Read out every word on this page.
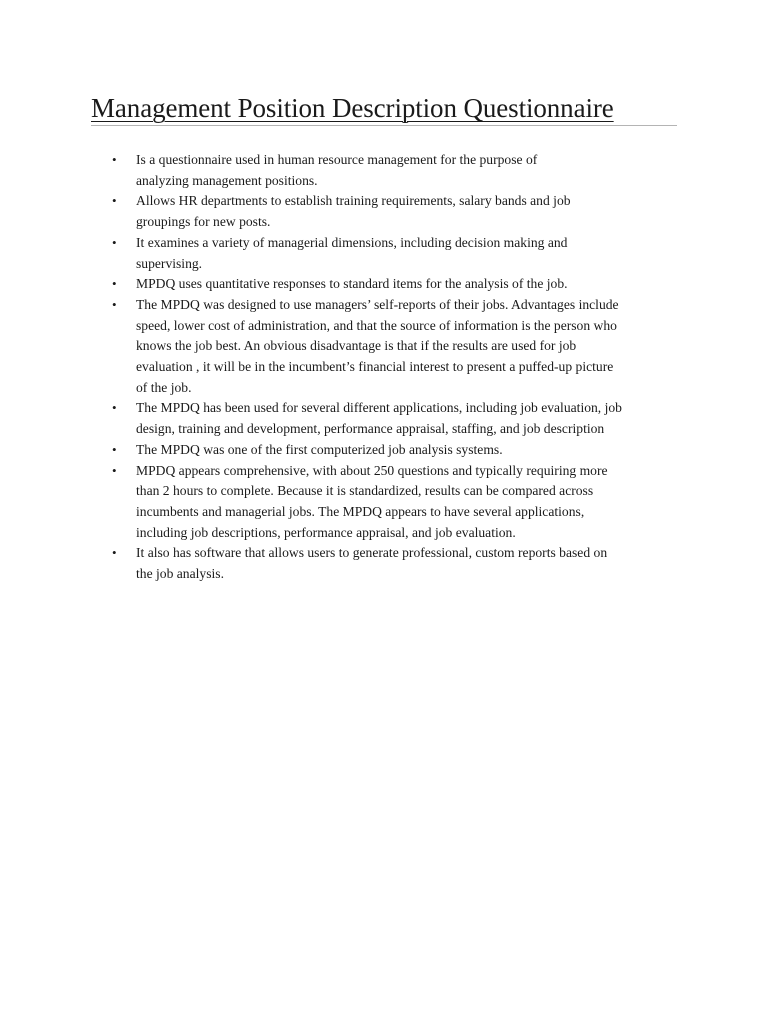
Management Position Description Questionnaire
• Is a questionnaire used in human resource management for the purpose of
analyzing management positions.
• Allows HR departments to establish training requirements, salary bands and job
groupings for new posts.
• It examines a variety of managerial dimensions, including decision making and
supervising.
• MPDQ uses quantitative responses to standard items for the analysis of the job.
• The MPDQ was designed to use managers’ self-reports of their jobs. Advantages include
speed, lower cost of administration, and that the source of information is the person who
knows the job best. An obvious disadvantage is that if the results are used for job
evaluation , it will be in the incumbent’s financial interest to present a puffed-up picture
of the job.
• The MPDQ has been used for several different applications, including job evaluation, job
design, training and development, performance appraisal, staffing, and job description
• The MPDQ was one of the first computerized job analysis systems.
• MPDQ appears comprehensive, with about 250 questions and typically requiring more
than 2 hours to complete. Because it is standardized, results can be compared across
incumbents and managerial jobs. The MPDQ appears to have several applications,
including job descriptions, performance appraisal, and job evaluation.
• It also has software that allows users to generate professional, custom reports based on
the job analysis.
